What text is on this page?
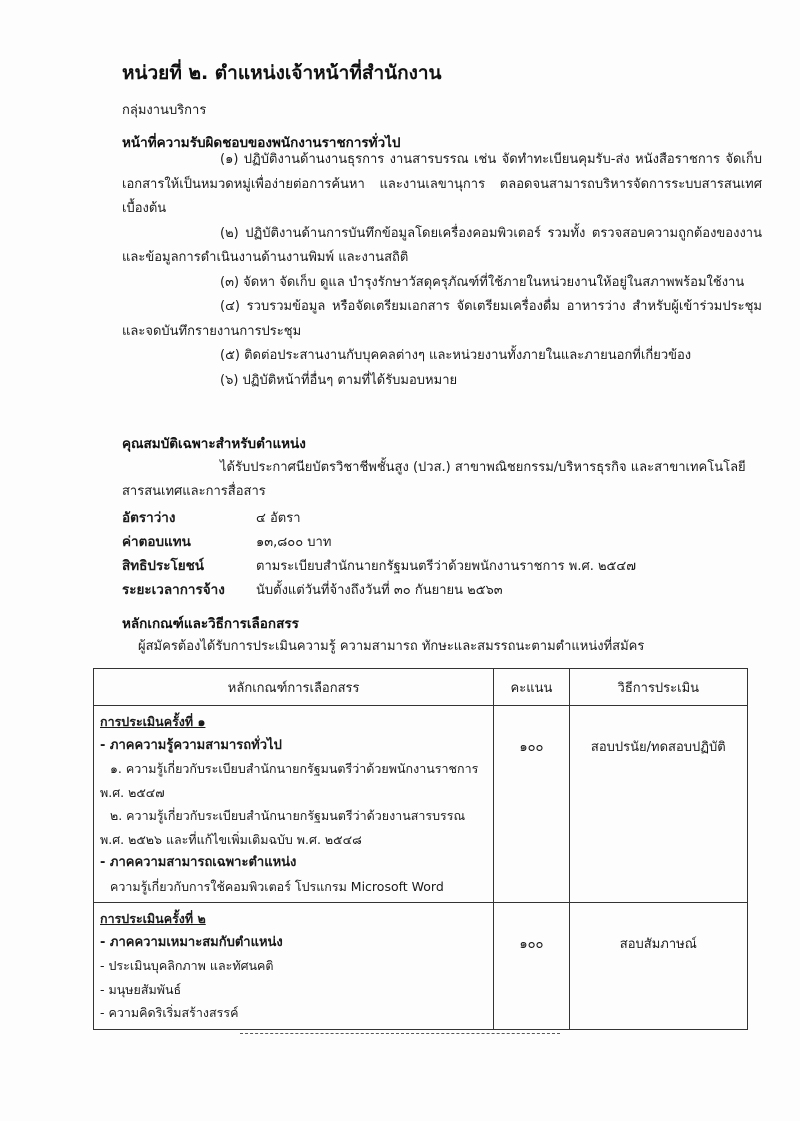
หน่วยที่ ๒. ตำแหน่งเจ้าหน้าที่สำนักงาน
กลุ่มงานบริการ
หน้าที่ความรับผิดชอบของพนักงานราชการทั่วไป
(๑) ปฏิบัติงานด้านงานธุรการ งานสารบรรณ เช่น จัดทำทะเบียนคุมรับ-ส่ง หนังสือราชการ จัดเก็บเอกสารให้เป็นหมวดหมู่เพื่อง่ายต่อการค้นหา และงานเลขานุการ ตลอดจนสามารถบริหารจัดการระบบสารสนเทศเบื้องต้น
(๒) ปฏิบัติงานด้านการบันทึกข้อมูลโดยเครื่องคอมพิวเตอร์ รวมทั้ง ตรวจสอบความถูกต้องของงานและข้อมูลการดำเนินงานด้านงานพิมพ์ และงานสถิติ
(๓) จัดหา จัดเก็บ ดูแล บำรุงรักษาวัสดุครุภัณฑ์ที่ใช้ภายในหน่วยงานให้อยู่ในสภาพพร้อมใช้งาน
(๔) รวบรวมข้อมูล หรือจัดเตรียมเอกสาร จัดเตรียมเครื่องดื่ม อาหารว่าง สำหรับผู้เข้าร่วมประชุม และจดบันทึกรายงานการประชุม
(๕) ติดต่อประสานงานกับบุคคลต่างๆ และหน่วยงานทั้งภายในและภายนอกที่เกี่ยวข้อง
(๖) ปฏิบัติหน้าที่อื่นๆ ตามที่ได้รับมอบหมาย
คุณสมบัติเฉพาะสำหรับตำแหน่ง
ได้รับประกาศนียบัตรวิชาชีพชั้นสูง (ปวส.) สาขาพณิชยกรรม/บริหารธุรกิจ และสาขาเทคโนโลยีสารสนเทศและการสื่อสาร
อัตราว่าง	๔ อัตรา
ค่าตอบแทน	๑๓,๘๐๐ บาท
สิทธิประโยชน์	ตามระเบียบสำนักนายกรัฐมนตรีว่าด้วยพนักงานราชการ พ.ศ. ๒๕๔๗
ระยะเวลาการจ้าง	นับตั้งแต่วันที่จ้างถึงวันที่ ๓๐ กันยายน ๒๕๖๓
หลักเกณฑ์และวิธีการเลือกสรร
ผู้สมัครต้องได้รับการประเมินความรู้ ความสามารถ ทักษะและสมรรถนะตามตำแหน่งที่สมัคร
หลักเกณฑ์การเลือกสรร	คะแนน	วิธีการประเมิน

การประเมินครั้งที่ ๑
- ภาคความรู้ความสามารถทั่วไป
๑. ความรู้เกี่ยวกับระเบียบสำนักนายกรัฐมนตรีว่าด้วยพนักงานราชการ
พ.ศ. ๒๕๔๗
๒. ความรู้เกี่ยวกับระเบียบสำนักนายกรัฐมนตรีว่าด้วยงานสารบรรณ
พ.ศ. ๒๕๒๖ และที่แก้ไขเพิ่มเติมฉบับ พ.ศ. ๒๕๔๘
- ภาคความสามารถเฉพาะตำแหน่ง
ความรู้เกี่ยวกับการใช้คอมพิวเตอร์ โปรแกรม Microsoft Word
	๑๐๐	สอบปรนัย/ทดสอบปฏิบัติ

การประเมินครั้งที่ ๒
- ภาคความเหมาะสมกับตำแหน่ง
- ประเมินบุคลิกภาพ และทัศนคติ
- มนุษยสัมพันธ์
- ความคิดริเริ่มสร้างสรรค์	๑๐๐	สอบสัมภาษณ์
